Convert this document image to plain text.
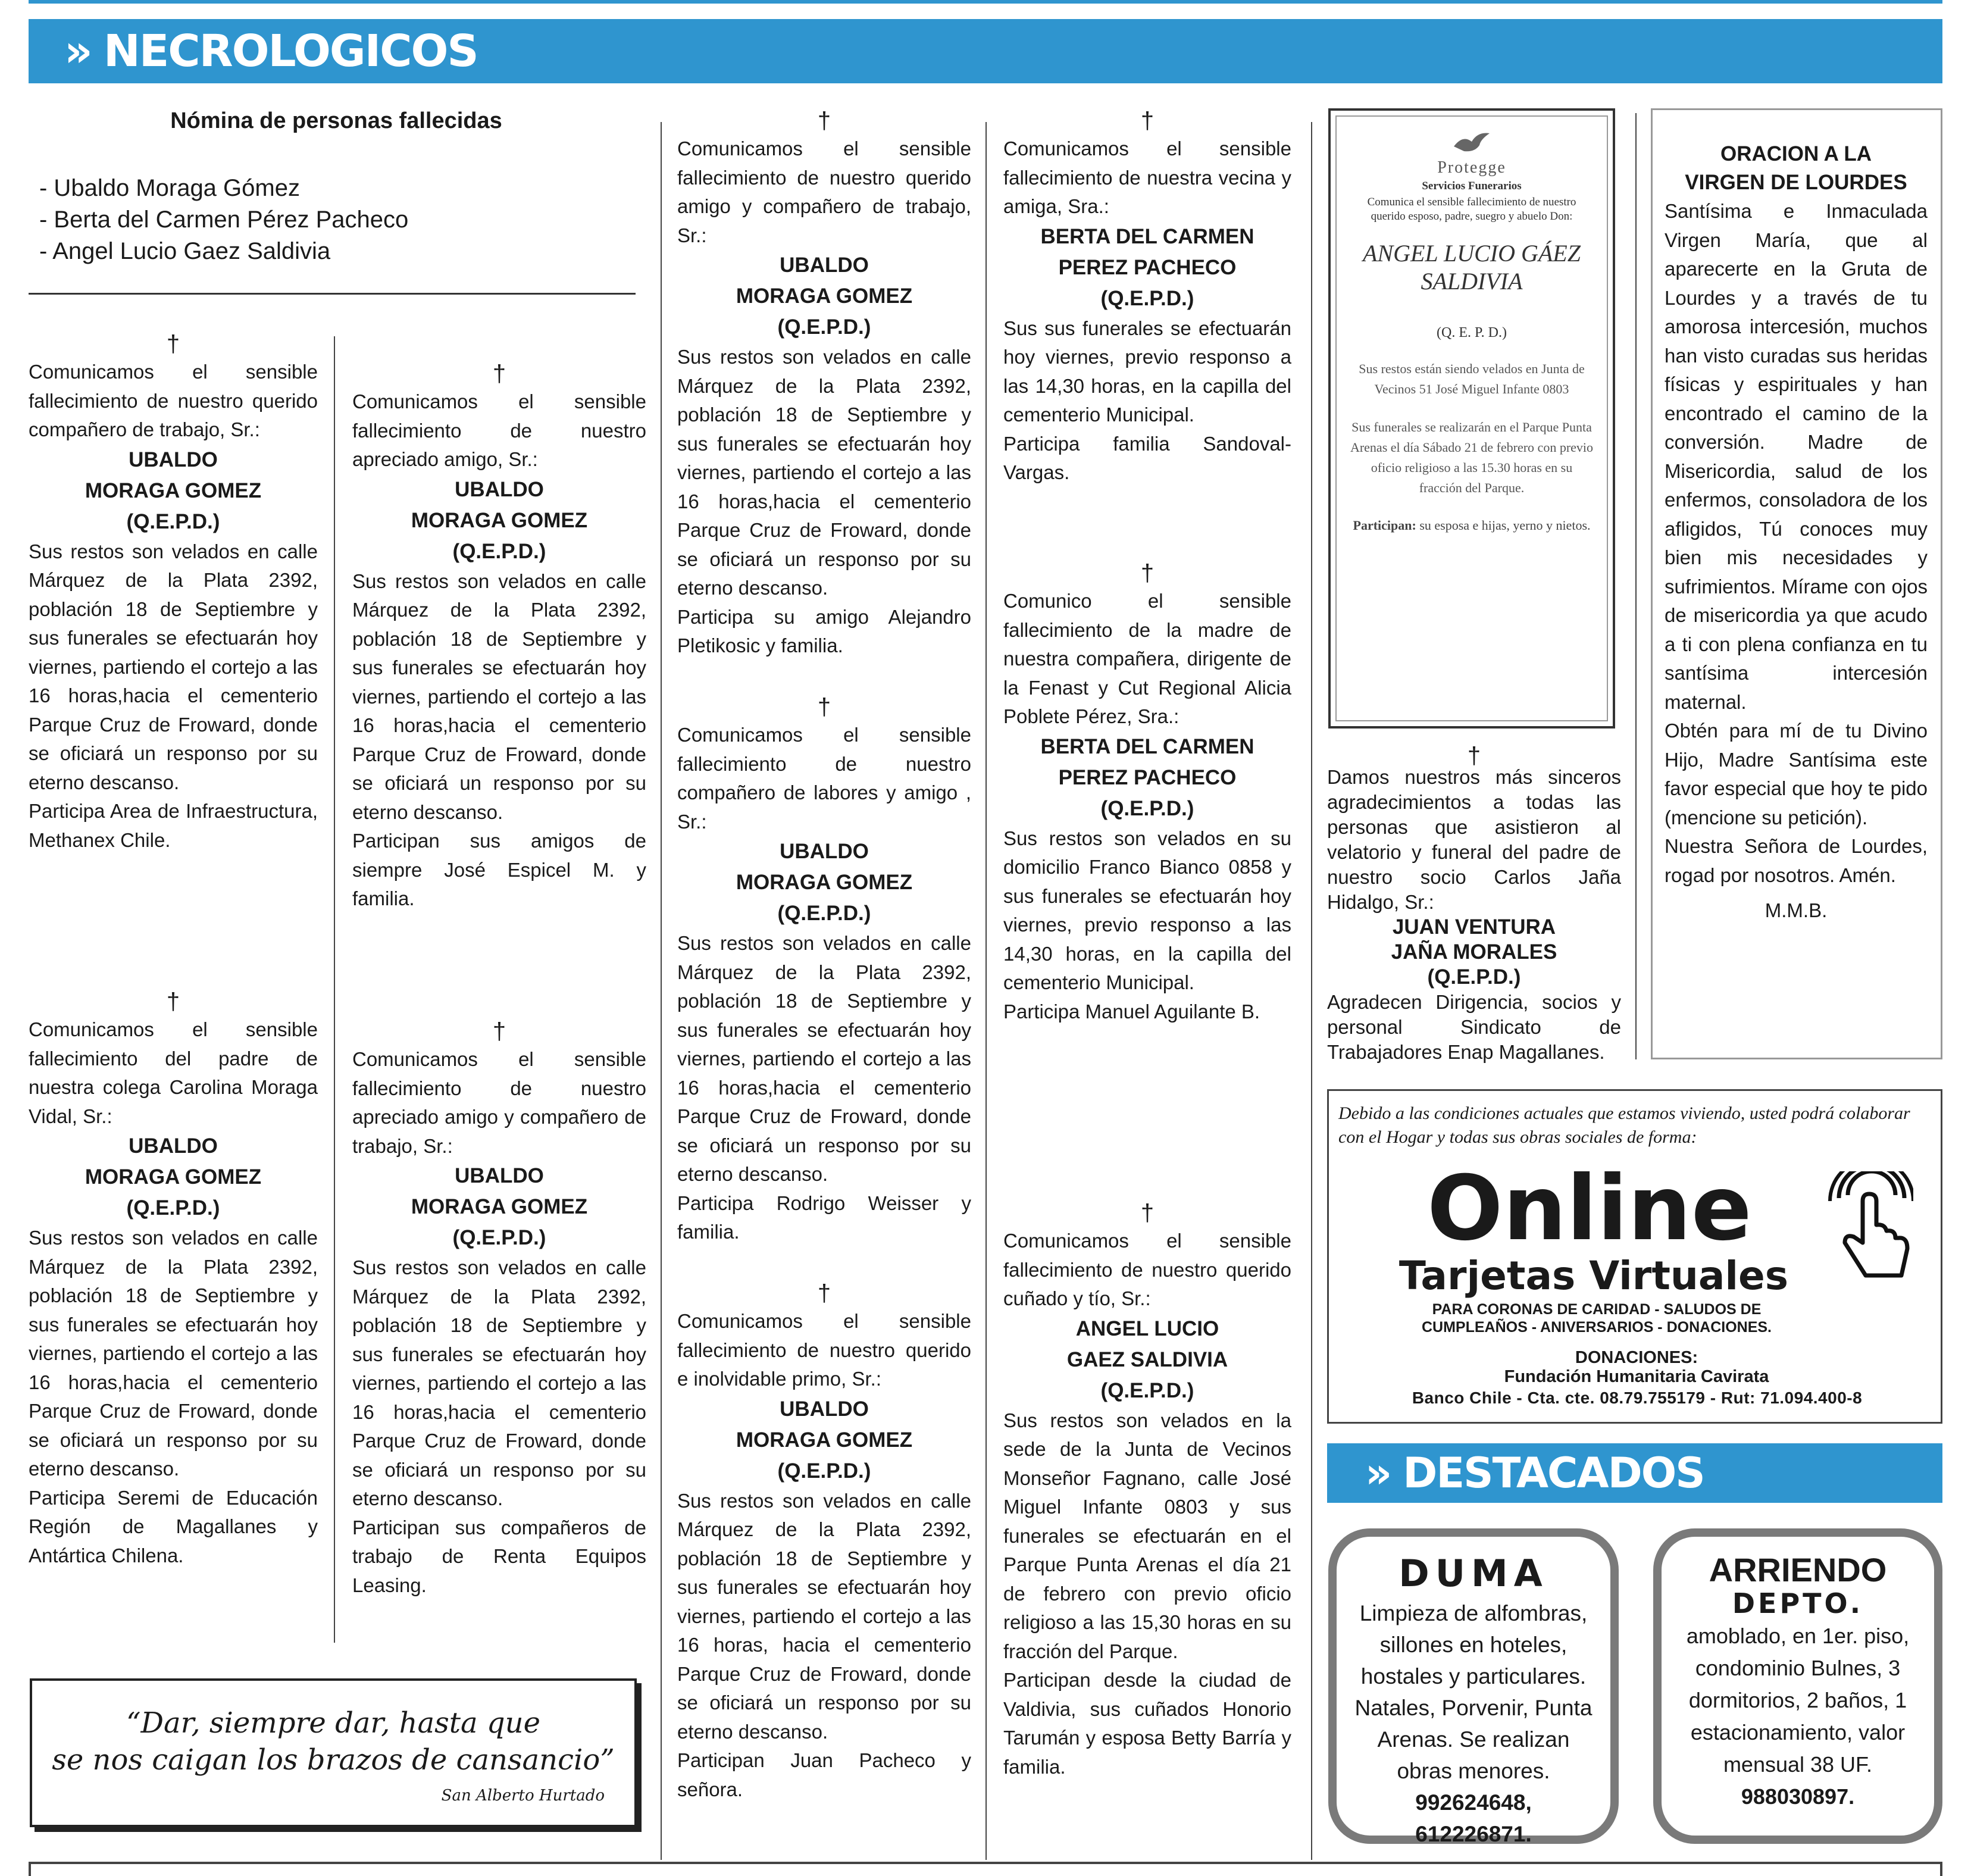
» NECROLOGICOS
Nómina de personas fallecidas
- Ubaldo Moraga Gómez
- Berta del Carmen Pérez Pacheco
- Angel Lucio Gaez Saldivia
†

Comunicamos el sensible fallecimiento de nuestro querido compañero de trabajo, Sr.:

UBALDO
MORAGA GOMEZ
(Q.E.P.D.)

Sus restos son velados en calle Márquez de la Plata 2392, población 18 de Septiembre y sus funerales se efectuarán hoy viernes, partiendo el cortejo a las 16 horas,hacia el cementerio Parque Cruz de Froward, donde se oficiará un responso por su eterno descanso.

Participa Area de Infraestructura, Methanex Chile.

†

Comunicamos el sensible fallecimiento del padre de nuestra colega Carolina Moraga Vidal, Sr.:

UBALDO
MORAGA GOMEZ
(Q.E.P.D.)

Sus restos son velados en calle Márquez de la Plata 2392, población 18 de Septiembre y sus funerales se efectuarán hoy viernes, partiendo el cortejo a las 16 horas,hacia el cementerio Parque Cruz de Froward, donde se oficiará un responso por su eterno descanso.

Participa Seremi de Educación Región de Magallanes y Antártica Chilena.

†

Comunicamos el sensible fallecimiento de nuestro apreciado amigo, Sr.:

UBALDO
MORAGA GOMEZ
(Q.E.P.D.)

Sus restos son velados en calle Márquez de la Plata 2392, población 18 de Septiembre y sus funerales se efectuarán hoy viernes, partiendo el cortejo a las 16 horas,hacia el cementerio Parque Cruz de Froward, donde se oficiará un responso por su eterno descanso.

Participan sus amigos de siempre José Espicel M. y familia.

†

Comunicamos el sensible fallecimiento de nuestro apreciado amigo y compañero de trabajo, Sr.:

UBALDO
MORAGA GOMEZ
(Q.E.P.D.)

Sus restos son velados en calle Márquez de la Plata 2392, población 18 de Septiembre y sus funerales se efectuarán hoy viernes, partiendo el cortejo a las 16 horas,hacia el cementerio Parque Cruz de Froward, donde se oficiará un responso por su eterno descanso.

Participan sus compañeros de trabajo de Renta Equipos Leasing.

“Dar, siempre dar, hasta que
se nos caigan los brazos de cansancio”
San Alberto Hurtado
†

Comunicamos el sensible fallecimiento de nuestro querido amigo y compañero de trabajo, Sr.:

UBALDO
MORAGA GOMEZ
(Q.E.P.D.)

Sus restos son velados en calle Márquez de la Plata 2392, población 18 de Septiembre y sus funerales se efectuarán hoy viernes, partiendo el cortejo a las 16 horas,hacia el cementerio Parque Cruz de Froward, donde se oficiará un responso por su eterno descanso.

Participa su amigo Alejandro Pletikosic y familia.

†

Comunicamos el sensible fallecimiento de nuestro compañero de labores y amigo , Sr.:

UBALDO
MORAGA GOMEZ
(Q.E.P.D.)

Sus restos son velados en calle Márquez de la Plata 2392, población 18 de Septiembre y sus funerales se efectuarán hoy viernes, partiendo el cortejo a las 16 horas,hacia el cementerio Parque Cruz de Froward, donde se oficiará un responso por su eterno descanso.

Participa Rodrigo Weisser y familia.

†

Comunicamos el sensible fallecimiento de nuestro querido e inolvidable primo, Sr.:

UBALDO
MORAGA GOMEZ
(Q.E.P.D.)

Sus restos son velados en calle Márquez de la Plata 2392, población 18 de Septiembre y sus funerales se efectuarán hoy viernes, partiendo el cortejo a las 16 horas, hacia el cementerio Parque Cruz de Froward, donde se oficiará un responso por su eterno descanso.

Participan Juan Pacheco y señora.

†

Comunicamos el sensible fallecimiento de nuestra vecina y amiga, Sra.:

BERTA DEL CARMEN
PEREZ PACHECO
(Q.E.P.D.)

Sus sus funerales se efectuarán hoy viernes, previo responso a las 14,30 horas, en la capilla del cementerio Municipal.

Participa familia Sandoval-Vargas.

†

Comunico el sensible fallecimiento de la madre de nuestra compañera, dirigente de la Fenast y Cut Regional Alicia Poblete Pérez, Sra.:

BERTA DEL CARMEN
PEREZ PACHECO
(Q.E.P.D.)

Sus restos son velados en su domicilio Franco Bianco 0858 y sus funerales se efectuarán hoy viernes, previo responso a las 14,30 horas, en la capilla del cementerio Municipal.

Participa Manuel Aguilante B.

†

Comunicamos el sensible fallecimiento de nuestro querido cuñado y tío, Sr.:

ANGEL LUCIO
GAEZ SALDIVIA
(Q.E.P.D.)

Sus restos son velados en la sede de la Junta de Vecinos Monseñor Fagnano, calle José Miguel Infante 0803 y sus funerales se efectuarán en el Parque Punta Arenas el día 21 de febrero con previo oficio religioso a las 15,30 horas en su fracción del Parque.

Participan desde la ciudad de Valdivia, sus cuñados Honorio Tarumán y esposa Betty Barría y familia.

Protegge
Servicios Funerarios
Comunica el sensible fallecimiento de nuestro querido esposo, padre, suegro y abuelo Don:
ANGEL LUCIO GÁEZ
SALDIVIA
(Q. E. P. D.)
Sus restos están siendo velados en Junta de Vecinos 51 José Miguel Infante 0803
Sus funerales se realizarán en el Parque Punta Arenas el día Sábado 21 de febrero con previo oficio religioso a las 15.30 horas en su fracción del Parque.
Participan: su esposa e hijas, yerno y nietos.
†

Damos nuestros más sinceros agradecimientos a todas las personas que asistieron al velatorio y funeral del padre de nuestro socio Carlos Jaña Hidalgo, Sr.:

JUAN VENTURA
JAÑA MORALES
(Q.E.P.D.)

Agradecen Dirigencia, socios y personal Sindicato de Trabajadores Enap Magallanes.

ORACION A LA
VIRGEN DE LOURDES
Santísima e Inmaculada Virgen María, que al aparecerte en la Gruta de Lourdes y a través de tu amorosa intercesión, muchos han visto curadas sus heridas físicas y espirituales y han encontrado el camino de la conversión. Madre de Misericordia, salud de los enfermos, consoladora de los afligidos, Tú conoces muy bien mis necesidades y sufrimientos. Mírame con ojos de misericordia ya que acudo a ti con plena confianza en tu santísima intercesión maternal.
Obtén para mí de tu Divino Hijo, Madre Santísima este favor especial que hoy te pido (mencione su petición).
Nuestra Señora de Lourdes, rogad por nosotros. Amén.
M.M.B.
Debido a las condiciones actuales que estamos viviendo, usted podrá colaborar con el Hogar y todas sus obras sociales de forma:
Online
Tarjetas Virtuales
PARA CORONAS DE CARIDAD - SALUDOS DE
CUMPLEAÑOS - ANIVERSARIOS - DONACIONES.
DONACIONES:
Fundación Humanitaria Cavirata
Banco Chile - Cta. cte. 08.79.755179 - Rut: 71.094.400-8
» DESTACADOS
DUMA
Limpieza de alfombras, sillones en hoteles, hostales y particulares. Natales, Porvenir, Punta Arenas. Se realizan obras menores.
992624648, 612226871.
ARRIENDO
DEPTO.
amoblado, en 1er. piso, condominio Bulnes, 3 dormitorios, 2 baños, 1 estacionamiento, valor mensual 38 UF.
988030897.
